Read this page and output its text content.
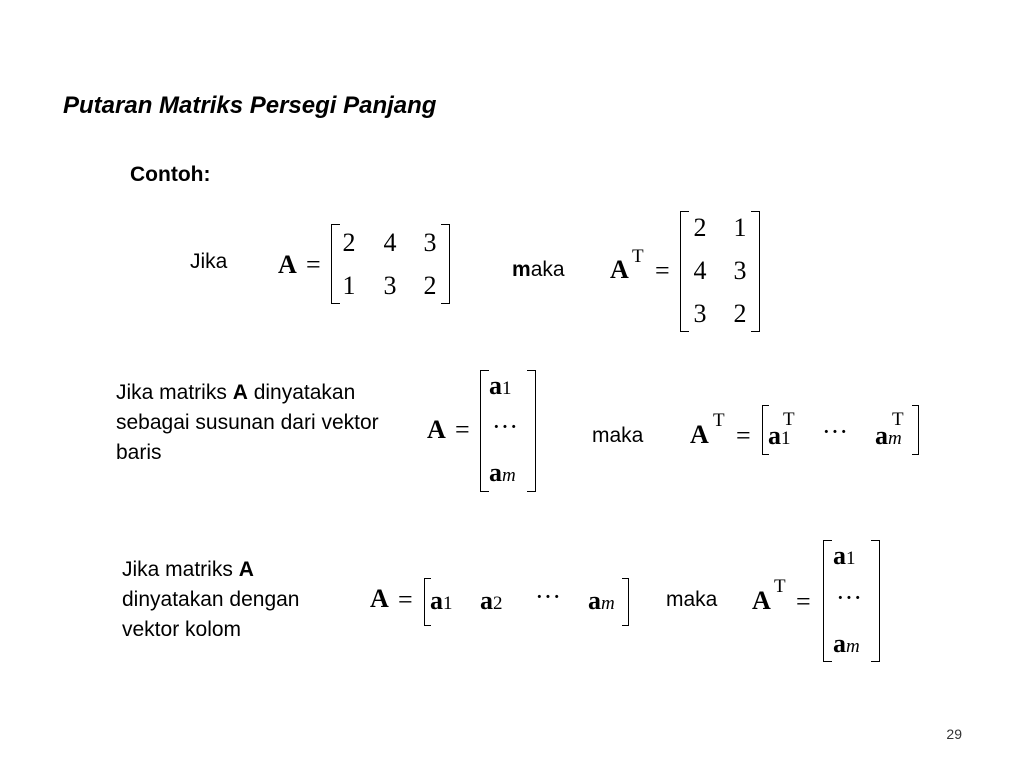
Putaran Matriks Persegi Panjang
Contoh:
Jika A =
2 4 3
1 3 2
maka A T =
2 1
4 3
3 2
Jika matriks A dinyatakan sebagai susunan dari vektor baris
A =
a1
···
am
maka A T
= a1
T ··· am
T
Jika matriks A dinyatakan dengan vektor kolom
A = a1 a2 ··· am maka A T
=
a1
···
am
29
